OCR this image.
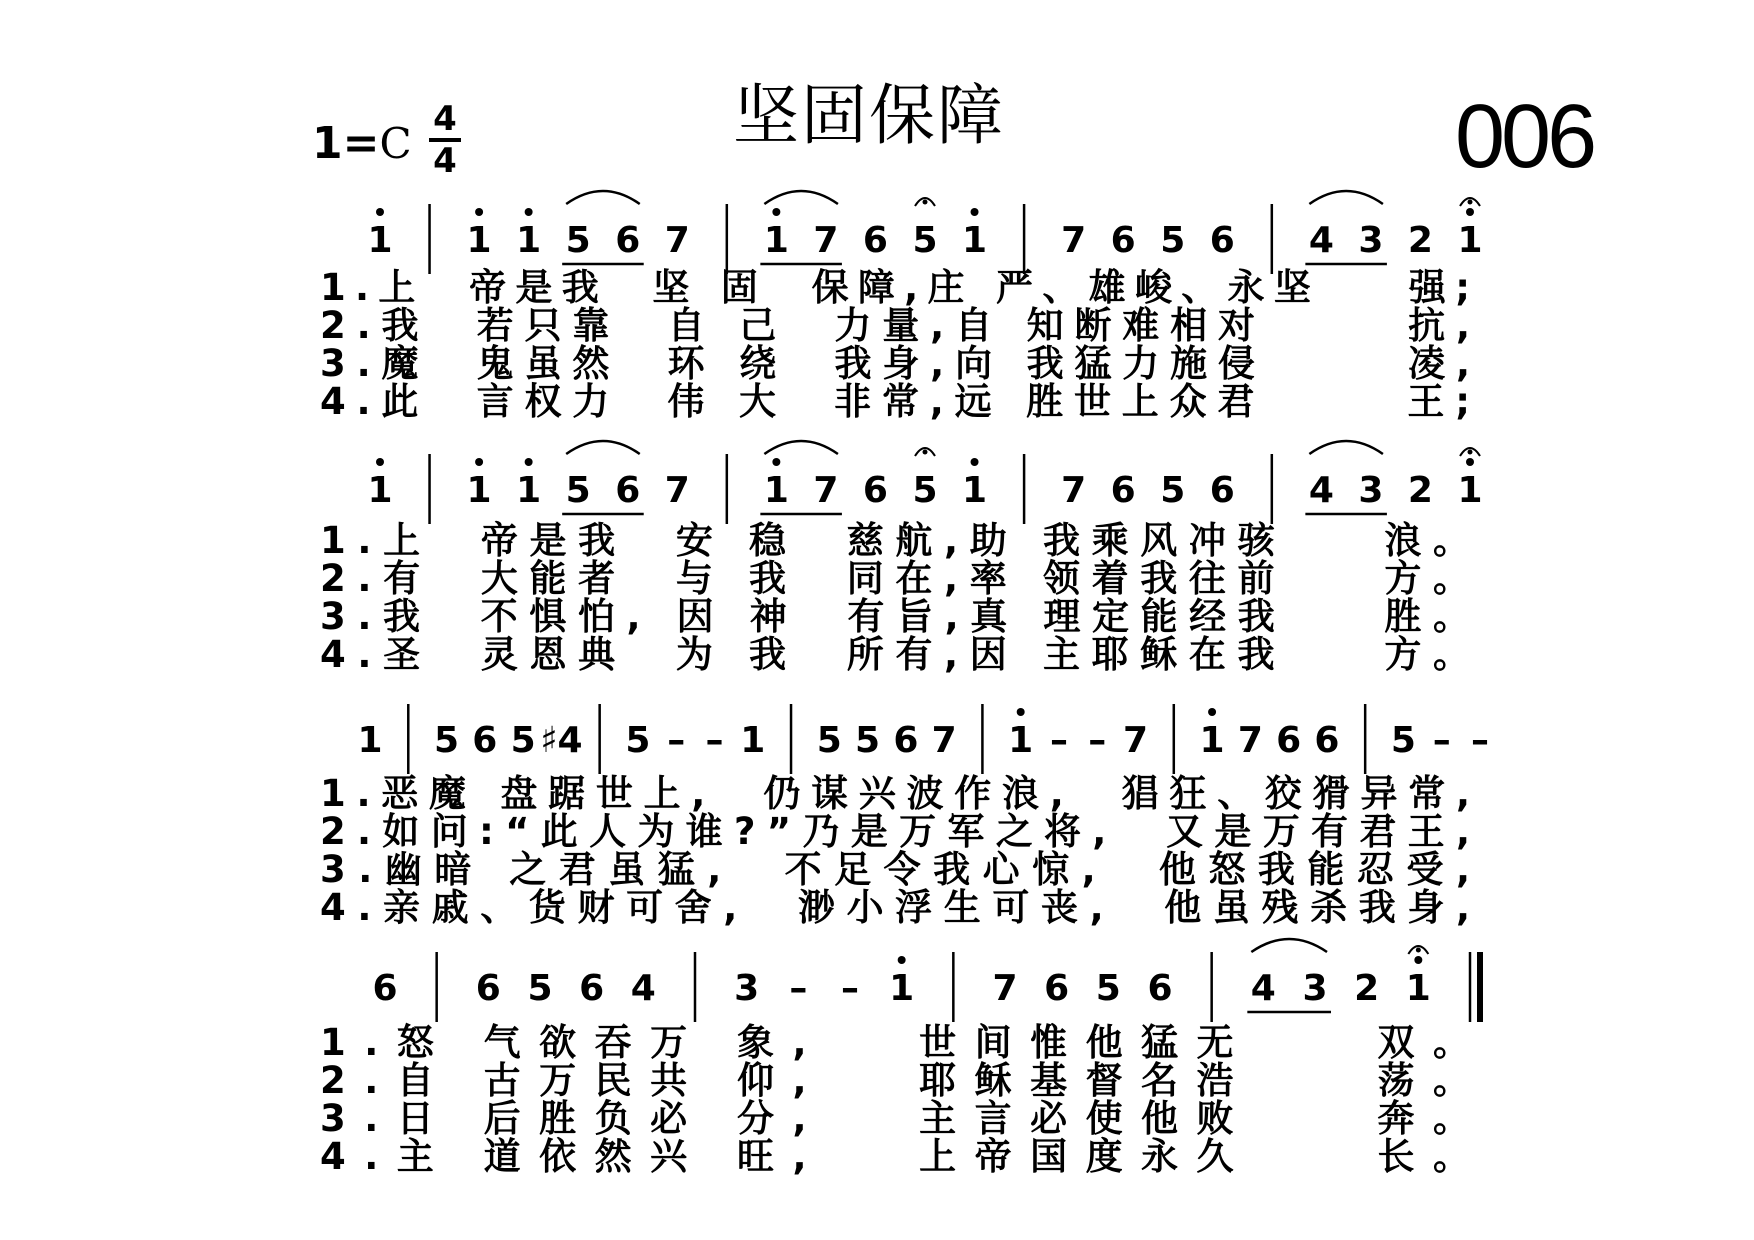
坚固保障	006
1=C 4
4
1 1 1 5 6 7 1 7 6 5 1 7 6 5 6 4 3 2 1
1.上  帝是我  坚 固  保障,庄 严、雄峻、永坚    强;
2.我  若只靠  自 己  力量,自 知断难相对      抗,
3.魔  鬼虽然  环 绕  我身,向 我猛力施侵      凌,
4.此  言权力  伟 大  非常,远 胜世上众君      王;
1 1 1 5 6 7 1 7 6 5 1 7 6 5 6 4 3 2 1
1.上  帝是我  安 稳  慈航,助 我乘风冲骇    浪。
2.有  大能者  与 我  同在,率 领着我往前    方。
3.我  不惧怕, 因 神  有旨,真 理定能经我    胜。
4.圣  灵恩典  为 我  所有,因 主耶稣在我    方。
1 5 6 5 ♯4 5 – – 1 5 5 6 7 1 – – 7 1 7 6 6 5 – –
1.恶魔 盘踞世上,  仍谋兴波作浪,  猖狂、狡猾异常,
2.如问:“此人为谁?”乃是万军之将,  又是万有君王,
3.幽暗 之君虽猛,  不足令我心惊,  他怒我能忍受,
4.亲戚、货财可舍,  渺小浮生可丧,  他虽残杀我身,
6 6 5 6 4 3 – – 1 7 6 5 6 4 3 2 1
1.怒 气欲吞万 象,   世间惟他猛无    双。
2.自 古万民共 仰,   耶稣基督名浩    荡。
3.日 后胜负必 分,   主言必使他败    奔。
4.主 道依然兴 旺,   上帝国度永久    长。
